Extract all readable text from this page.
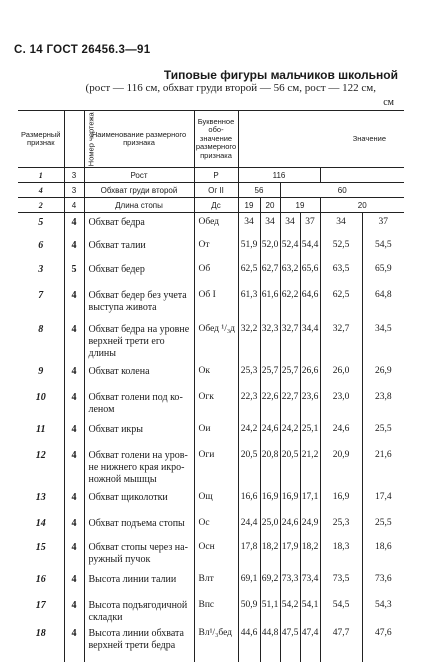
С. 14 ГОСТ 26456.3—91
Типовые фигуры мальчиков школьной
(рост — 116 см, обхват груди второй — 56 см, рост — 122 см,
см
Размерный признак	Номер чертежа	Наименование размерного признака	Буквенное обозначение размерного признака	Значение					
1	3	Рост	Р	116					
4	3	Обхват груди второй	Ог II	56		60			
2	4	Длина стопы	Дс	19	20	19		20	
5	4	Обхват бедра	Обед	34	34	34	37	34	37
6	4	Обхват талии	От	51,9	52,0	52,4	54,4	52,5	54,5
3	5	Обхват бедер	Об	62,5	62,7	63,2	65,6	63,5	65,9
7	4	Обхват бедер без учета выступа живота	Об I	61,3	61,6	62,2	64,6	62,5	64,8
8	4	Обхват бедра на уровне верхней трети его длины	Обед ¹/₃д	32,2	32,3	32,7	34,4	32,7	34,5
9	4	Обхват колена	Ок	25,3	25,7	25,7	26,6	26,0	26,9
10	4	Обхват голени под коленом	Огк	22,3	22,6	22,7	23,6	23,0	23,8
11	4	Обхват икры	Ои	24,2	24,6	24,2	25,1	24,6	25,5
12	4	Обхват голени на уровне нижнего края икроножной мышцы	Оги	20,5	20,8	20,5	21,2	20,9	21,6
13	4	Обхват щиколотки	Ощ	16,6	16,9	16,9	17,1	16,9	17,4
14	4	Обхват подъема стопы	Ос	24,4	25,0	24,6	24,9	25,3	25,5
15	4	Обхват стопы через наружный пучок	Осн	17,8	18,2	17,9	18,2	18,3	18,6
16	4	Высота линии талии	Влт	69,1	69,2	73,3	73,4	73,5	73,6
17	4	Высота подъягодичной складки	Впс	50,9	51,1	54,2	54,1	54,5	54,3
18	4	Высота линии обхвата верхней трети бедра	Вл¹/₃бед	44,6	44,8	47,5	47,4	47,7	47,6
